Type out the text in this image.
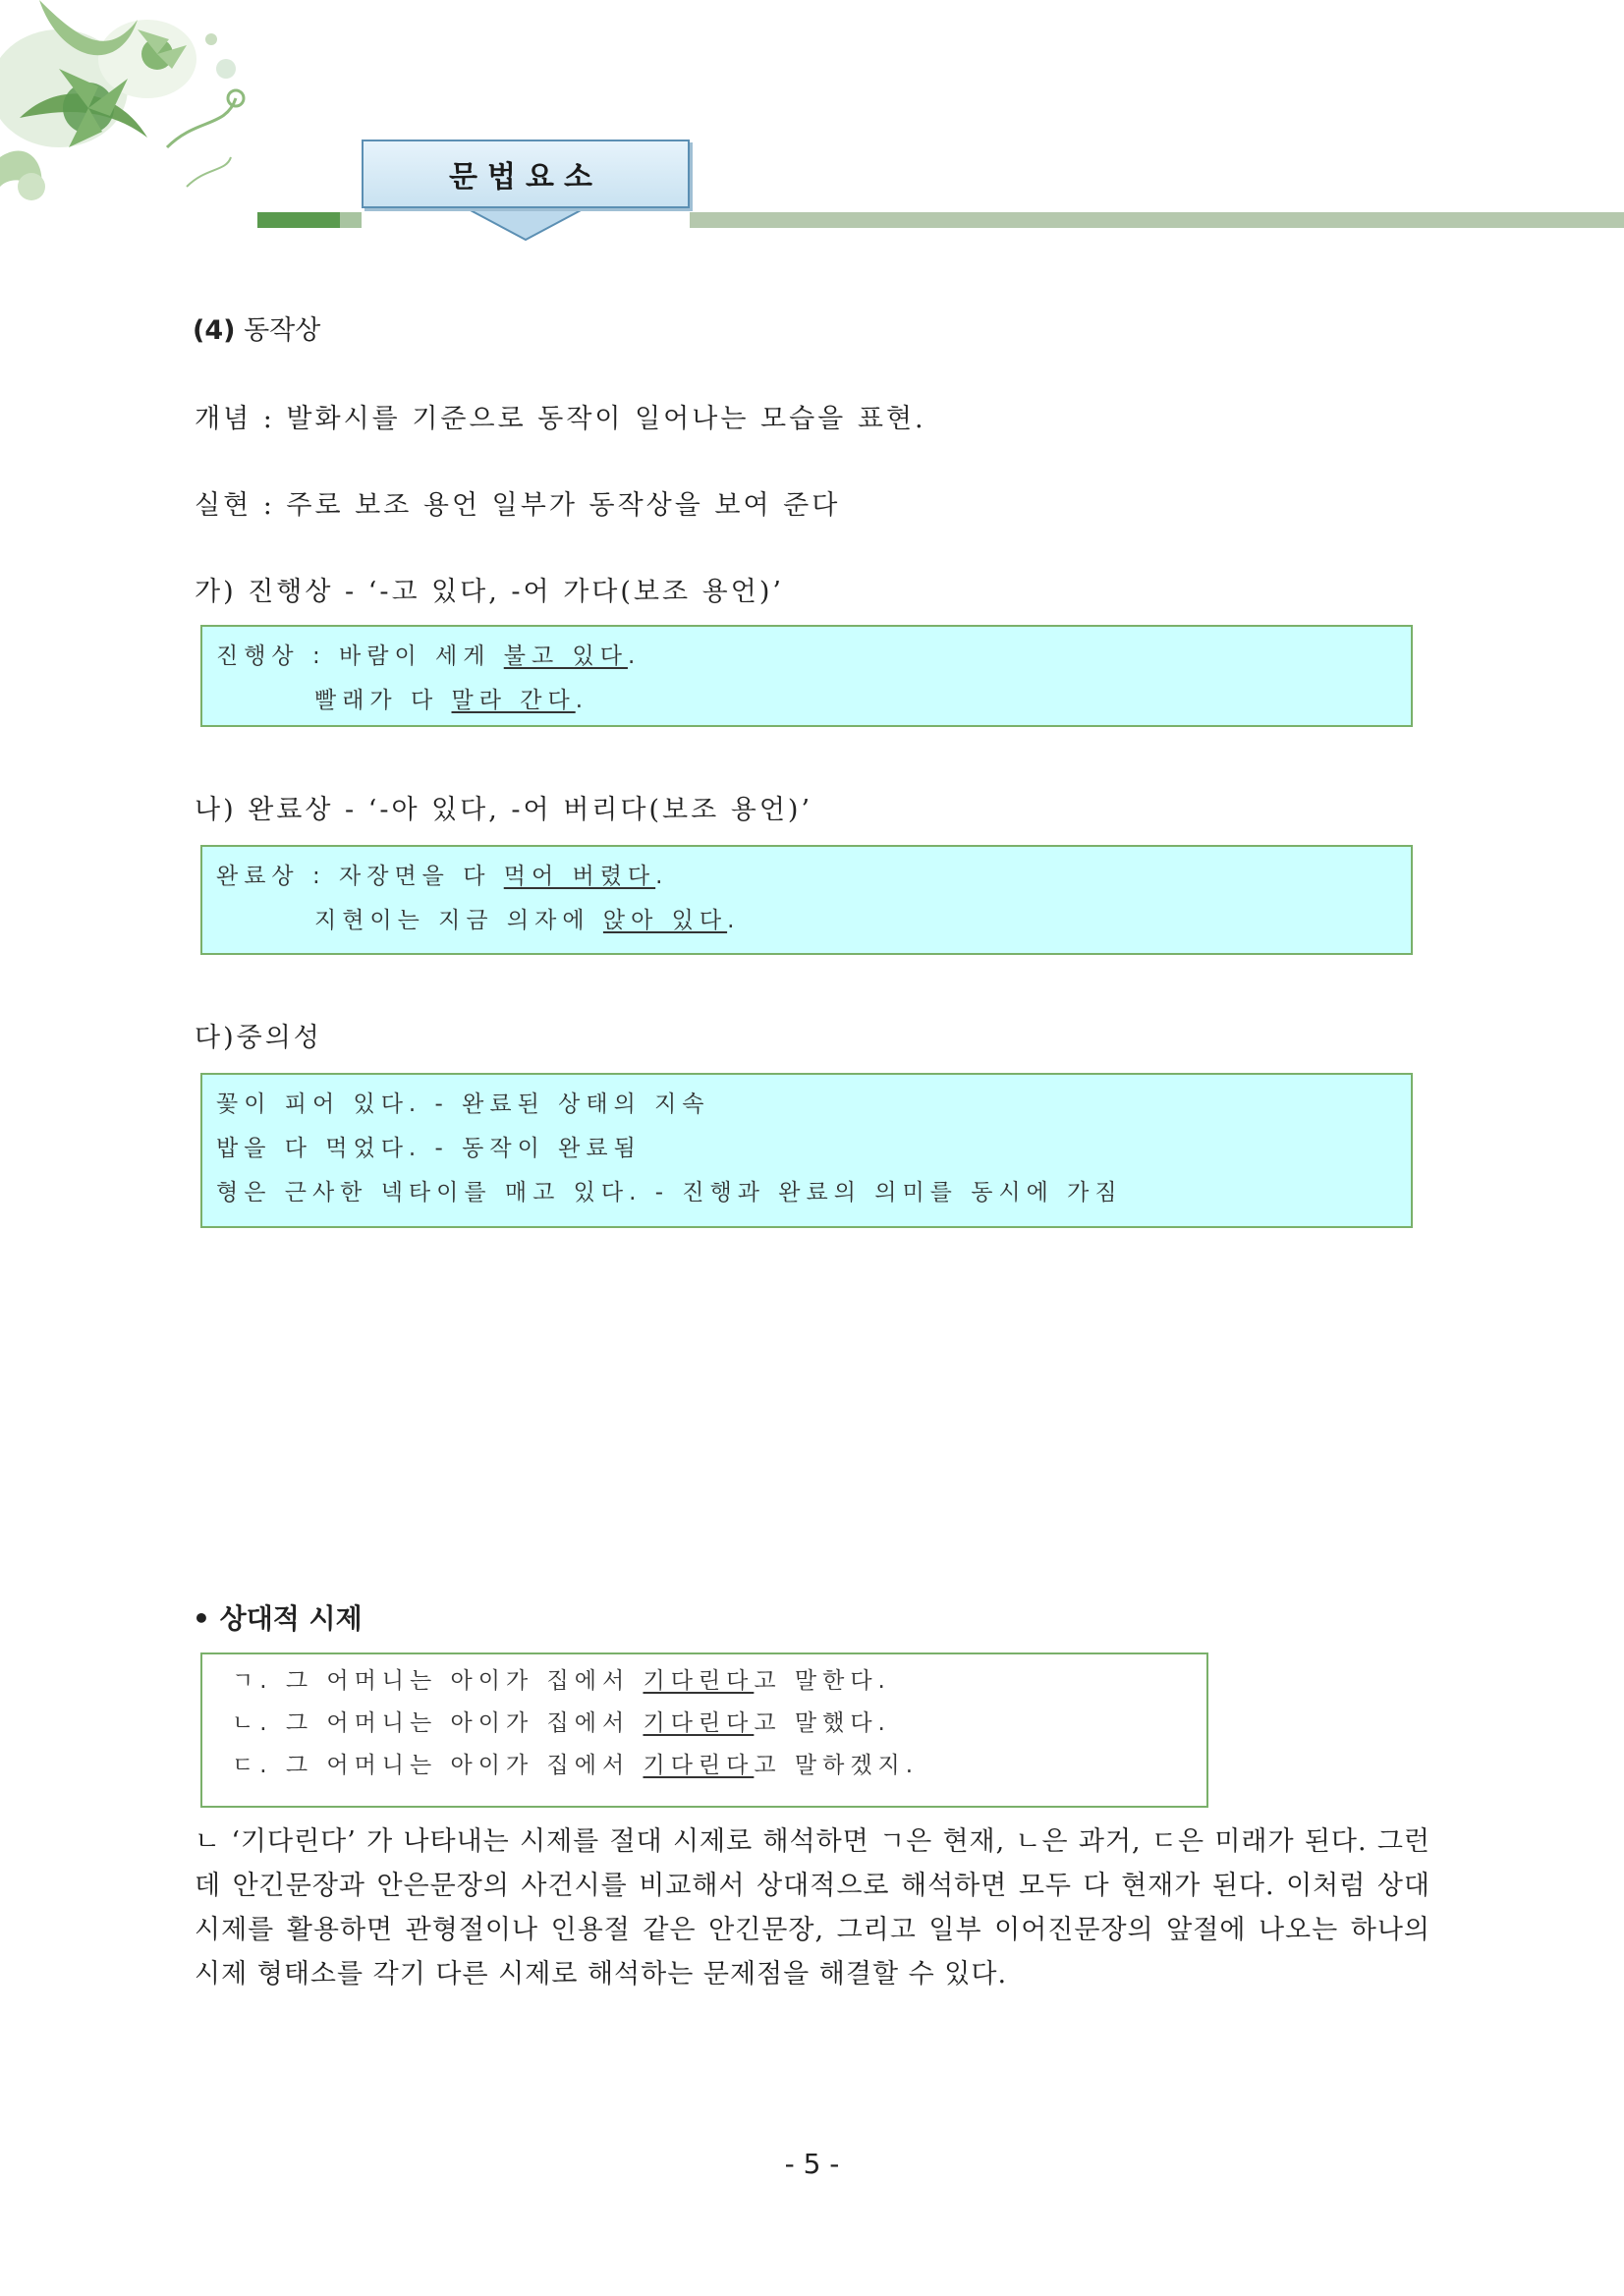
문법요소
(4) 동작상
개념 : 발화시를 기준으로 동작이 일어나는 모습을 표현.
실현 : 주로 보조 용언 일부가 동작상을 보여 준다
가) 진행상 - ‘-고 있다, -어 가다(보조 용언)’

진행상 : 바람이 세게 불고 있다.

빨래가 다 말라 간다.

나) 완료상 - ‘-아 있다, -어 버리다(보조 용언)’

완료상 : 자장면을 다 먹어 버렸다.

지현이는 지금 의자에 앉아 있다.

다)중의성

꽃이 피어 있다. - 완료된 상태의 지속

밥을 다 먹었다. - 동작이 완료됨

형은 근사한 넥타이를 매고 있다. - 진행과 완료의 의미를 동시에 가짐

• 상대적 시제

ㄱ. 그 어머니는 아이가 집에서 기다린다고 말한다.

ㄴ. 그 어머니는 아이가 집에서 기다린다고 말했다.

ㄷ. 그 어머니는 아이가 집에서 기다린다고 말하겠지.

ㄴ ‘기다린다’ 가 나타내는 시제를 절대 시제로 해석하면 ㄱ은 현재, ㄴ은 과거, ㄷ은 미래가 된다. 그런데 안긴문장과 안은문장의 사건시를 비교해서 상대적으로 해석하면 모두 다 현재가 된다. 이처럼 상대 시제를 활용하면 관형절이나 인용절 같은 안긴문장, 그리고 일부 이어진문장의 앞절에 나오는 하나의 시제 형태소를 각기 다른 시제로 해석하는 문제점을 해결할 수 있다.
- 5 -
